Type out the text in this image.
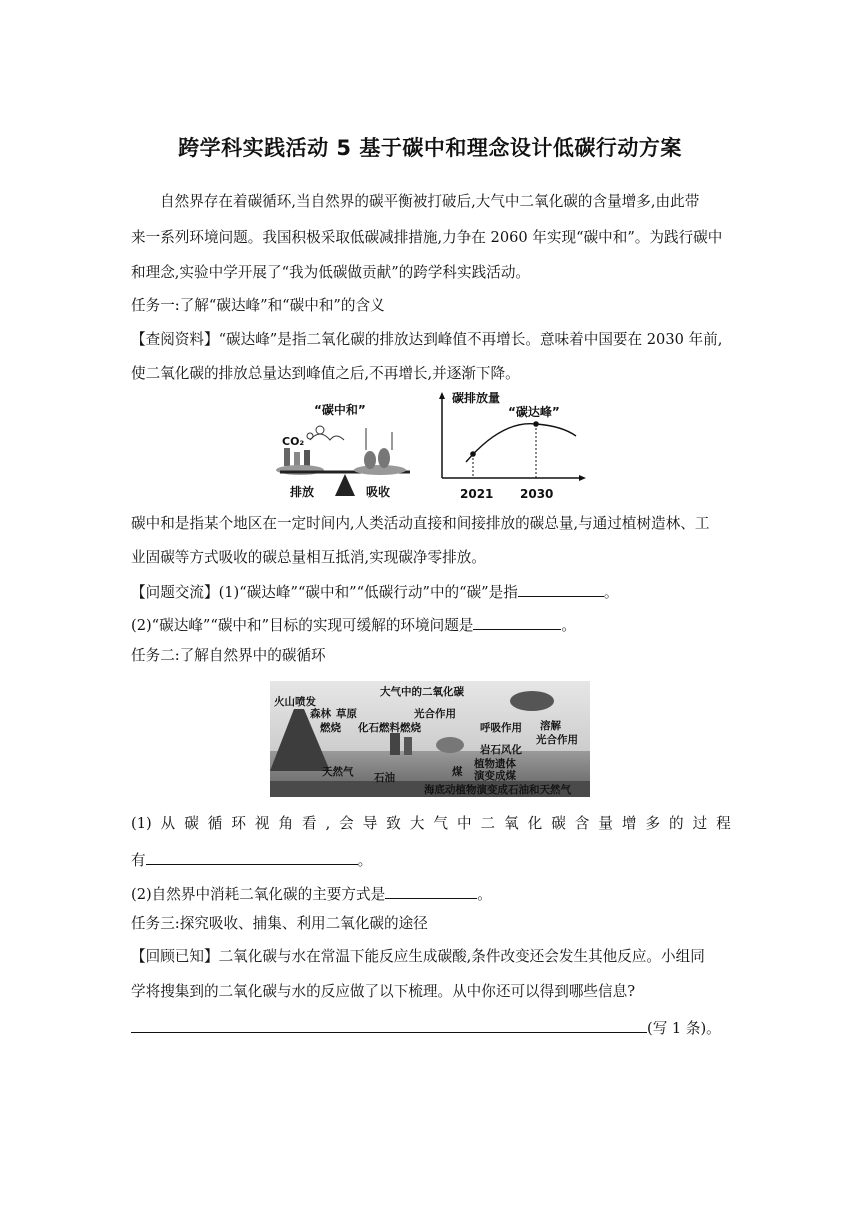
跨学科实践活动 5 基于碳中和理念设计低碳行动方案
自然界存在着碳循环,当自然界的碳平衡被打破后,大气中二氧化碳的含量增多,由此带
来一系列环境问题。我国积极采取低碳减排措施,力争在 2060 年实现“碳中和”。为践行碳中
和理念,实验中学开展了“我为低碳做贡献”的跨学科实践活动。
任务一:了解“碳达峰”和“碳中和”的含义
【查阅资料】“碳达峰”是指二氧化碳的排放达到峰值不再增长。意味着中国要在 2030 年前,
使二氧化碳的排放总量达到峰值之后,不再增长,并逐渐下降。
“碳中和”
CO₂
排放	吸收
碳排放量
“碳达峰”
2021 2030
碳中和是指某个地区在一定时间内,人类活动直接和间接排放的碳总量,与通过植树造林、工
业固碳等方式吸收的碳总量相互抵消,实现碳净零排放。
【问题交流】(1)“碳达峰”“碳中和”“低碳行动”中的“碳”是指	。
(2)“碳达峰”“碳中和”目标的实现可缓解的环境问题是	。
任务二:了解自然界中的碳循环
火山喷发
大气中的二氧化碳
森林 草原
燃烧 化石燃料燃烧
光合作用
呼吸作用 溶解
光合作用
岩石风化
植物遗体
演变成煤
天然气 石油	煤
海底动植物演变成石油和天然气
(1) 从 碳 循 环 视 角 看 , 会 导 致 大 气 中 二 氧 化 碳 含 量 增 多 的 过 程
有	。
(2)自然界中消耗二氧化碳的主要方式是	。
任务三:探究吸收、捕集、利用二氧化碳的途径
【回顾已知】二氧化碳与水在常温下能反应生成碳酸,条件改变还会发生其他反应。小组同
学将搜集到的二氧化碳与水的反应做了以下梳理。从中你还可以得到哪些信息?
(写 1 条)。
